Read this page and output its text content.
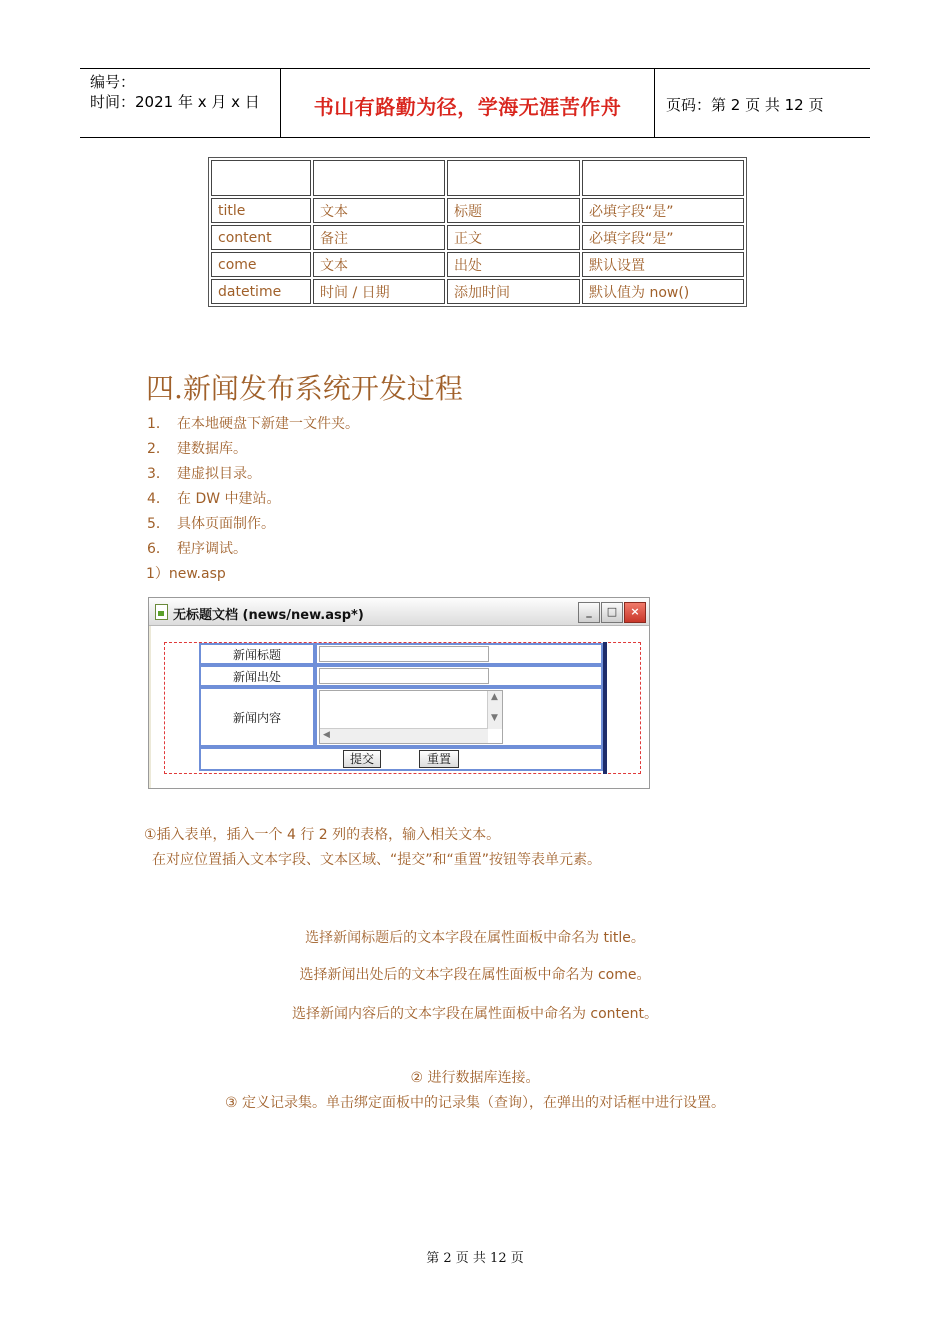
编号：
时间：2021 年 x 月 x 日	书山有路勤为径，学海无涯苦作舟	页码：第 2 页 共 12 页

title	文本	标题	必填字段“是”
content	备注	正文	必填字段“是”
come	文本	出处	默认设置
datetime	时间 / 日期	添加时间	默认值为 now()
四.新闻发布系统开发过程
1． 在本地硬盘下新建一文件夹。
2． 建数据库。
3． 建虚拟目录。
4． 在 DW 中建站。
5． 具体页面制作。
6． 程序调试。
1）new.asp
无标题文档 (news/new.asp*)	_	□	×
新闻标题
新闻出处
新闻内容
▲
▼
◀
提交	重置
①插入表单，插入一个 4 行 2 列的表格，输入相关文本。
在对应位置插入文本字段、文本区域、“提交”和“重置”按钮等表单元素。
选择新闻标题后的文本字段在属性面板中命名为 title。
选择新闻出处后的文本字段在属性面板中命名为 come。
选择新闻内容后的文本字段在属性面板中命名为 content。
② 进行数据库连接。
③ 定义记录集。单击绑定面板中的记录集（查询），在弹出的对话框中进行设置。
第 2 页 共 12 页
